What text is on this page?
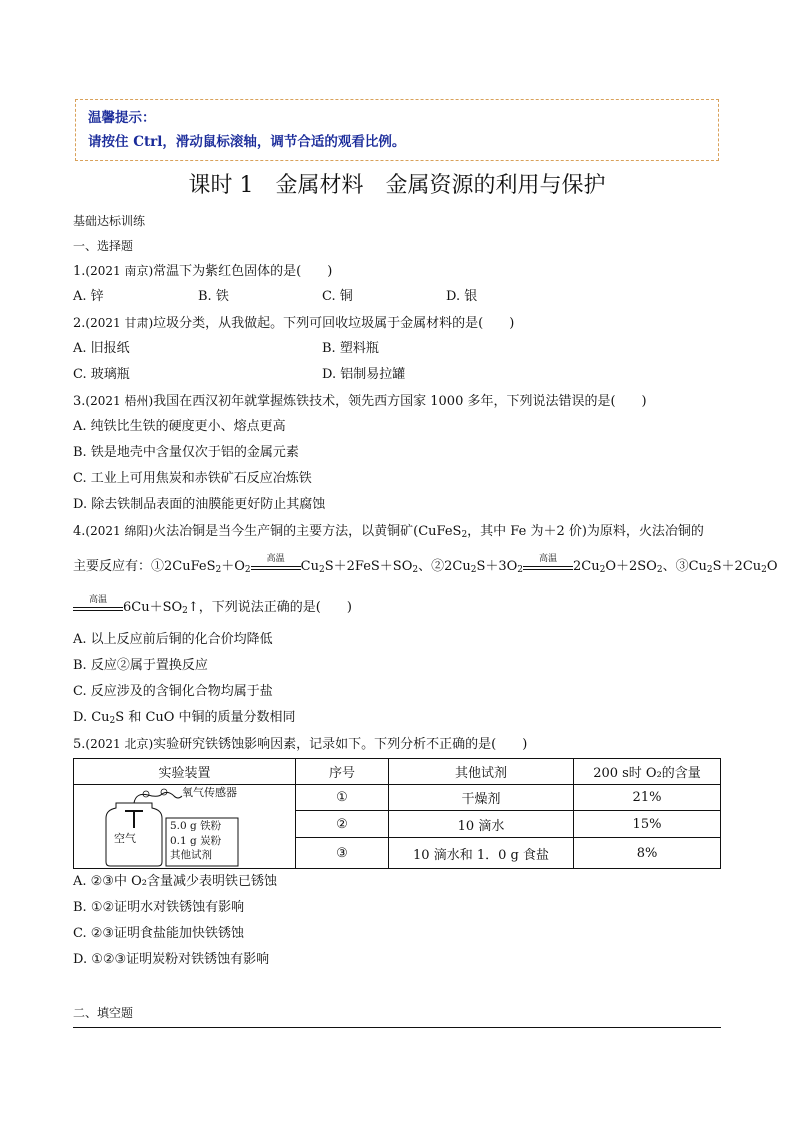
温馨提示：
请按住 Ctrl，滑动鼠标滚轴，调节合适的观看比例。
课时 1 金属材料 金属资源的利用与保护
基础达标训练
一、选择题
1.(2021 南京)常温下为紫红色固体的是(　　)
A. 锌	B. 铁	C. 铜	D. 银
2.(2021 甘肃)垃圾分类，从我做起。下列可回收垃圾属于金属材料的是(　　)
A. 旧报纸	B. 塑料瓶
C. 玻璃瓶	D. 铝制易拉罐
3.(2021 梧州)我国在西汉初年就掌握炼铁技术，领先西方国家 1000 多年，下列说法错误的是(　　)
A. 纯铁比生铁的硬度更小、熔点更高
B. 铁是地壳中含量仅次于铝的金属元素
C. 工业上可用焦炭和赤铁矿石反应冶炼铁
D. 除去铁制品表面的油膜能更好防止其腐蚀
4.(2021 绵阳)火法冶铜是当今生产铜的主要方法，以黄铜矿(CuFeS$_2$，其中 Fe 为＋2 价)为原料，火法冶铜的
主要反应有：$①2CuFeS_2+O_2$
高温	$Cu_2S+2FeS+SO_2$、$②2Cu_2S+3O_2$
高温	$2Cu_2O+2SO_2$、$③Cu_2S+2Cu_2O$
高温	$6Cu+SO_2↑$，下列说法正确的是(　　)
A. 以上反应前后铜的化合价均降低
B. 反应②属于置换反应
C. 反应涉及的含铜化合物均属于盐
D. $Cu_2S$ 和 CuO 中铜的质量分数相同
5.(2021 北京)实验研究铁锈蚀影响因素，记录如下。下列分析不正确的是(　　)
实验装置	序号	其他试剂	200 s时 O₂的含量

氧气传感器
空气
5.0 g 铁粉
0.1 g 炭粉
其他试剂	①	干燥剂	21%
	②	10 滴水	15%
	③	10 滴水和 1．0 g 食盐	8%
A. ②③中 O₂含量减少表明铁已锈蚀
B. ①②证明水对铁锈蚀有影响
C. ②③证明食盐能加快铁锈蚀
D. ①②③证明炭粉对铁锈蚀有影响
二、填空题
